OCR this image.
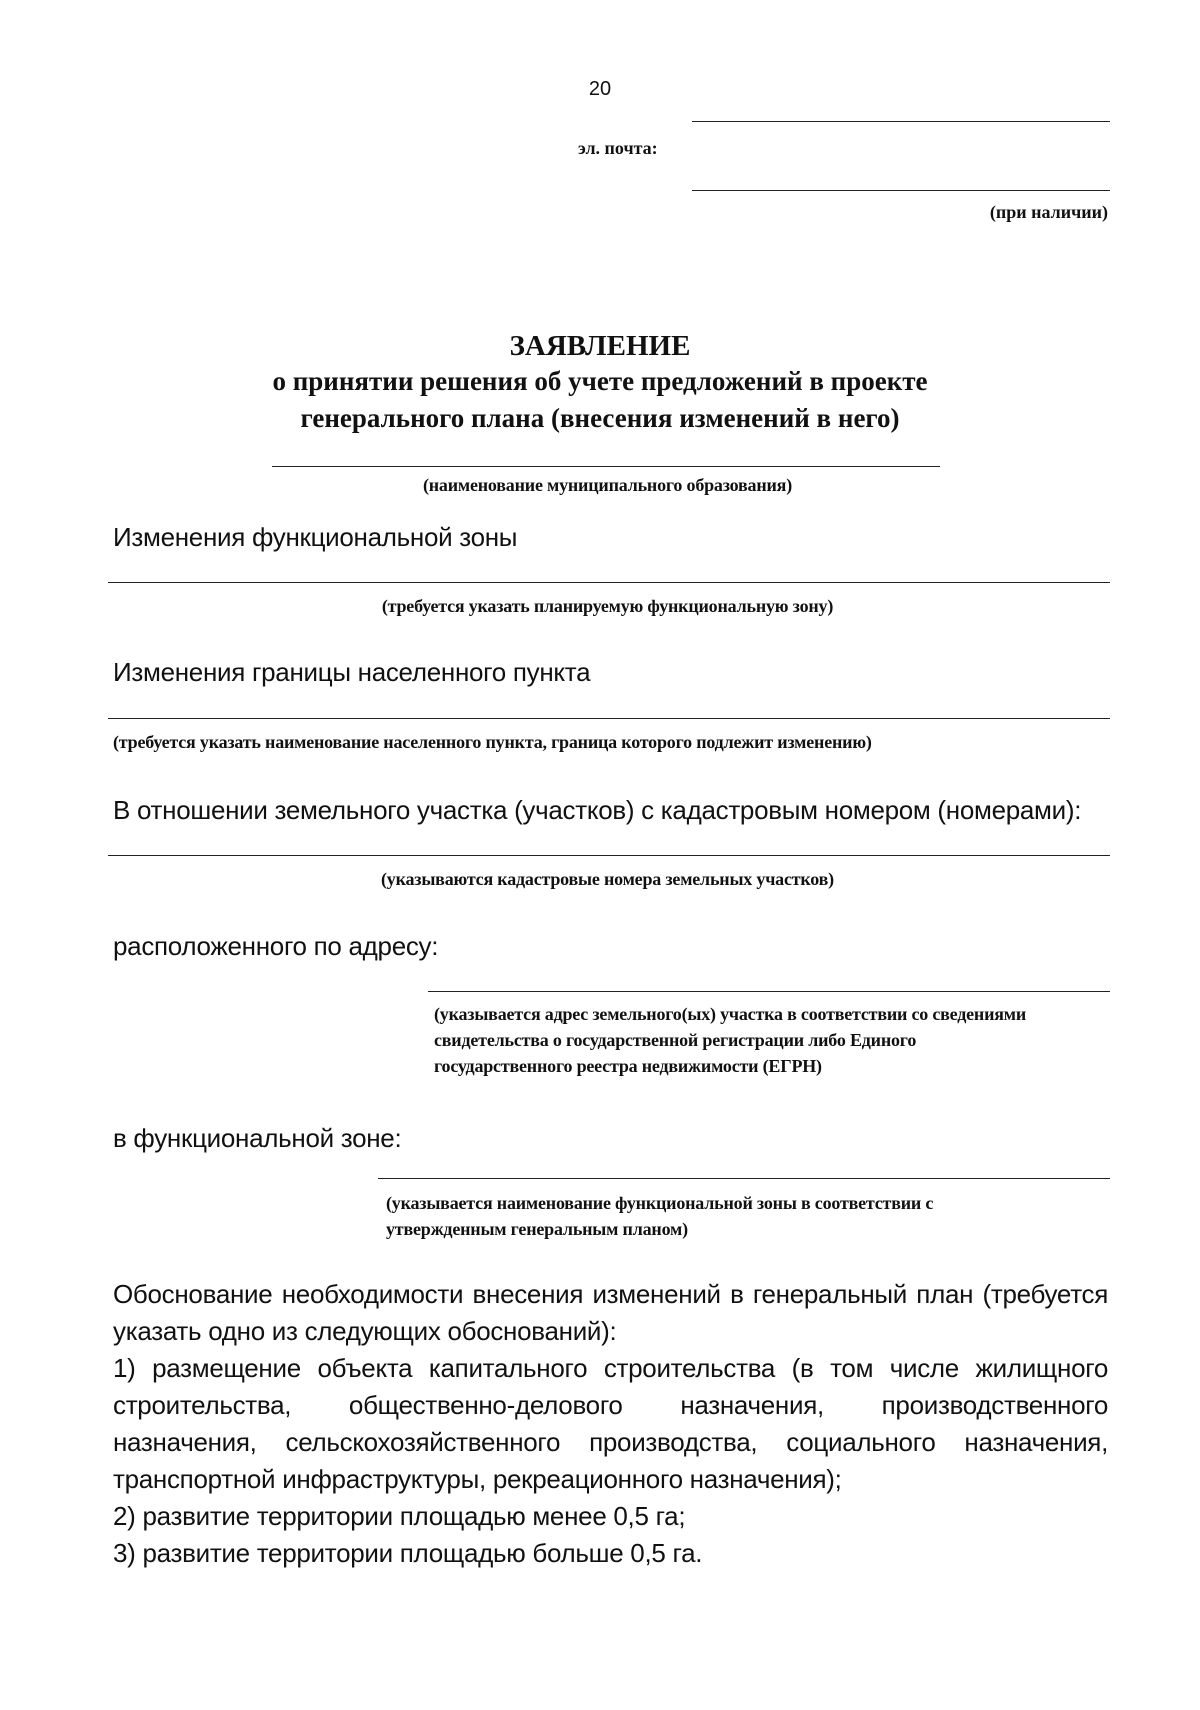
20
эл. почта:
(при наличии)
ЗАЯВЛЕНИЕ
о принятии решения об учете предложений в проекте
генерального плана (внесения изменений в него)
(наименование муниципального образования)
Изменения функциональной зоны
(требуется указать планируемую функциональную зону)
Изменения границы населенного пункта
(требуется указать наименование населенного пункта, граница которого подлежит изменению)
В отношении земельного участка (участков) с кадастровым номером (номерами):
(указываются кадастровые номера земельных участков)
расположенного по адресу:
(указывается адрес земельного(ых) участка в соответствии со сведениями
свидетельства о государственной регистрации либо Единого
государственного реестра недвижимости (ЕГРН)
в функциональной зоне:
(указывается наименование функциональной зоны в соответствии с
утвержденным генеральным планом)
Обоснование необходимости внесения изменений в генеральный план (требуется
указать одно из следующих обоснований):
1) размещение объекта капитального строительства (в том числе жилищного
строительства, общественно-делового назначения, производственного
назначения, сельскохозяйственного производства, социального назначения,
транспортной инфраструктуры, рекреационного назначения);
2) развитие территории площадью менее 0,5 га;
3) развитие территории площадью больше 0,5 га.
